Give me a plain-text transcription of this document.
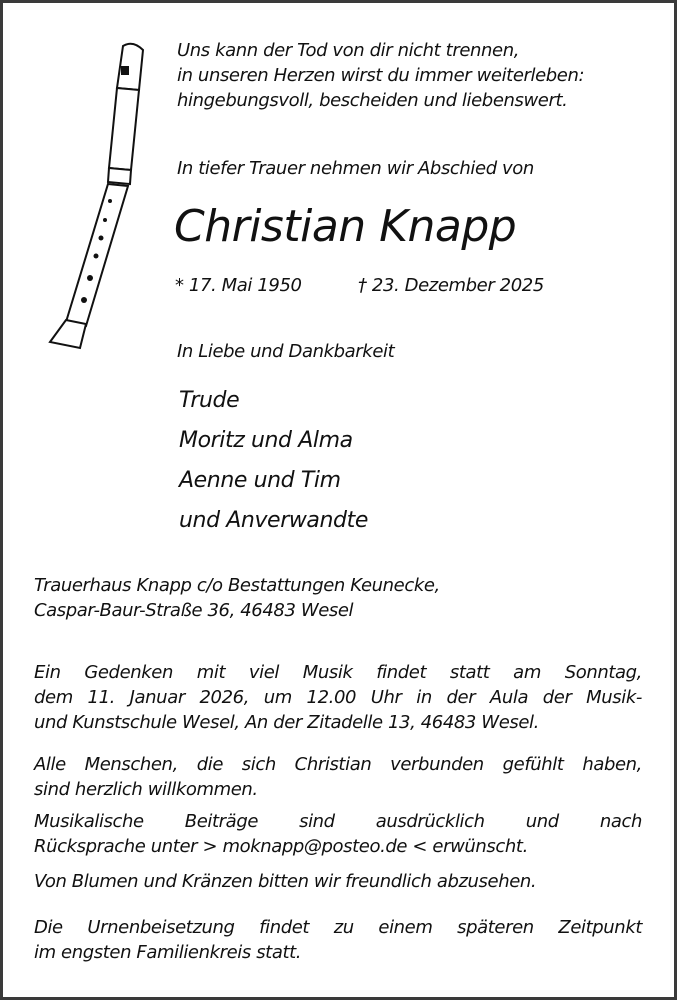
Uns kann der Tod von dir nicht trennen,
in unseren Herzen wirst du immer weiterleben:
hingebungsvoll, bescheiden und liebenswert.
In tiefer Trauer nehmen wir Abschied von
Christian Knapp
* 17. Mai 1950	† 23. Dezember 2025
In Liebe und Dankbarkeit
Trude
Moritz und Alma
Aenne und Tim
und Anverwandte
Trauerhaus Knapp c/o Bestattungen Keunecke,
Caspar-Baur-Straße 36, 46483 Wesel
Ein Gedenken mit viel Musik findet statt am Sonntag,
dem 11. Januar 2026, um 12.00 Uhr in der Aula der Musik-
und Kunstschule Wesel, An der Zitadelle 13, 46483 Wesel.
Alle Menschen, die sich Christian verbunden gefühlt haben,
sind herzlich willkommen.
Musikalische Beiträge sind ausdrücklich und nach
Rücksprache unter > moknapp@posteo.de < erwünscht.
Von Blumen und Kränzen bitten wir freundlich abzusehen.
Die Urnenbeisetzung findet zu einem späteren Zeitpunkt
im engsten Familienkreis statt.
